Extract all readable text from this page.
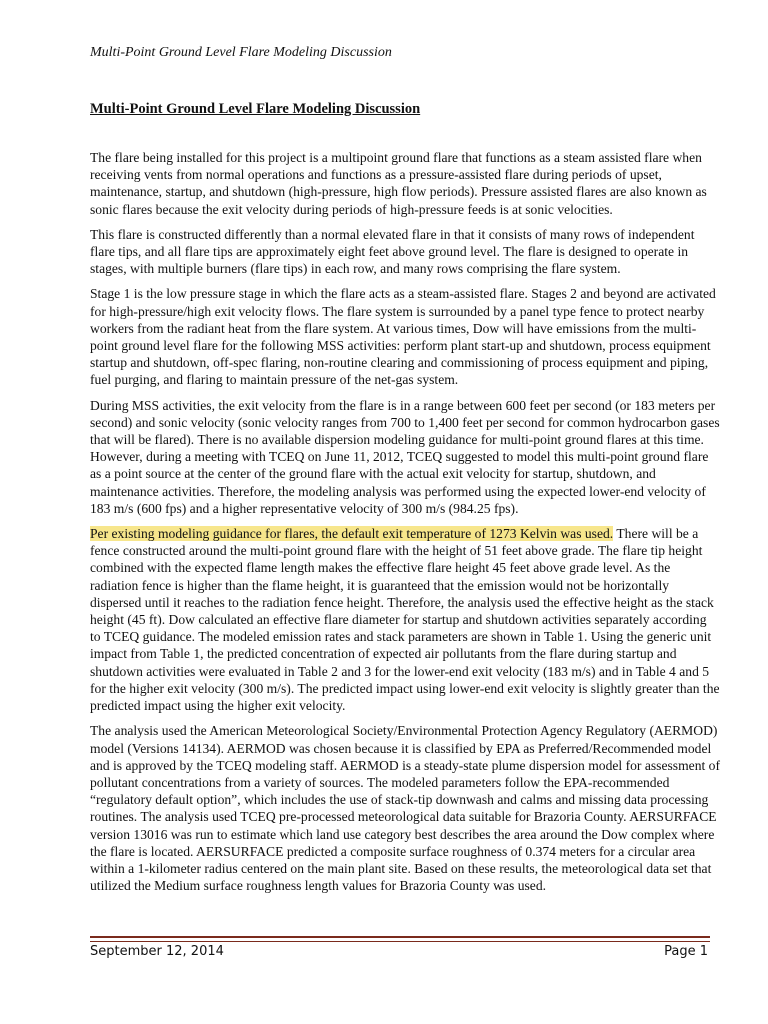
Multi-Point Ground Level Flare Modeling Discussion
Multi-Point Ground Level Flare Modeling Discussion

The flare being installed for this project is a multipoint ground flare that functions as a steam assisted flare when receiving vents from normal operations and functions as a pressure-assisted flare during periods of upset, maintenance, startup, and shutdown (high-pressure, high flow periods). Pressure assisted flares are also known as sonic flares because the exit velocity during periods of high-pressure feeds is at sonic velocities.

This flare is constructed differently than a normal elevated flare in that it consists of many rows of independent flare tips, and all flare tips are approximately eight feet above ground level. The flare is designed to operate in stages, with multiple burners (flare tips) in each row, and many rows comprising the flare system.

Stage 1 is the low pressure stage in which the flare acts as a steam-assisted flare. Stages 2 and beyond are activated for high-pressure/high exit velocity flows. The flare system is surrounded by a panel type fence to protect nearby workers from the radiant heat from the flare system. At various times, Dow will have emissions from the multi-point ground level flare for the following MSS activities: perform plant start-up and shutdown, process equipment startup and shutdown, off-spec flaring, non-routine clearing and commissioning of process equipment and piping, fuel purging, and flaring to maintain pressure of the net-gas system.

During MSS activities, the exit velocity from the flare is in a range between 600 feet per second (or 183 meters per second) and sonic velocity (sonic velocity ranges from 700 to 1,400 feet per second for common hydrocarbon gases that will be flared). There is no available dispersion modeling guidance for multi-point ground flares at this time. However, during a meeting with TCEQ on June 11, 2012, TCEQ suggested to model this multi-point ground flare as a point source at the center of the ground flare with the actual exit velocity for startup, shutdown, and maintenance activities. Therefore, the modeling analysis was performed using the expected lower-end velocity of 183 m/s (600 fps) and a higher representative velocity of 300 m/s (984.25 fps).

Per existing modeling guidance for flares, the default exit temperature of 1273 Kelvin was used. There will be a fence constructed around the multi-point ground flare with the height of 51 feet above grade. The flare tip height combined with the expected flame length makes the effective flare height 45 feet above grade level. As the radiation fence is higher than the flame height, it is guaranteed that the emission would not be horizontally dispersed until it reaches to the radiation fence height. Therefore, the analysis used the effective height as the stack height (45 ft). Dow calculated an effective flare diameter for startup and shutdown activities separately according to TCEQ guidance. The modeled emission rates and stack parameters are shown in Table 1. Using the generic unit impact from Table 1, the predicted concentration of expected air pollutants from the flare during startup and shutdown activities were evaluated in Table 2 and 3 for the lower-end exit velocity (183 m/s) and in Table 4 and 5 for the higher exit velocity (300 m/s). The predicted impact using lower-end exit velocity is slightly greater than the predicted impact using the higher exit velocity.

The analysis used the American Meteorological Society/Environmental Protection Agency Regulatory (AERMOD) model (Versions 14134). AERMOD was chosen because it is classified by EPA as Preferred/Recommended model and is approved by the TCEQ modeling staff. AERMOD is a steady-state plume dispersion model for assessment of pollutant concentrations from a variety of sources. The modeled parameters follow the EPA-recommended “regulatory default option”, which includes the use of stack-tip downwash and calms and missing data processing routines. The analysis used TCEQ pre-processed meteorological data suitable for Brazoria County. AERSURFACE version 13016 was run to estimate which land use category best describes the area around the Dow complex where the flare is located. AERSURFACE predicted a composite surface roughness of 0.374 meters for a circular area within a 1-kilometer radius centered on the main plant site. Based on these results, the meteorological data set that utilized the Medium surface roughness length values for Brazoria County was used.

September 12, 2014	Page 1
